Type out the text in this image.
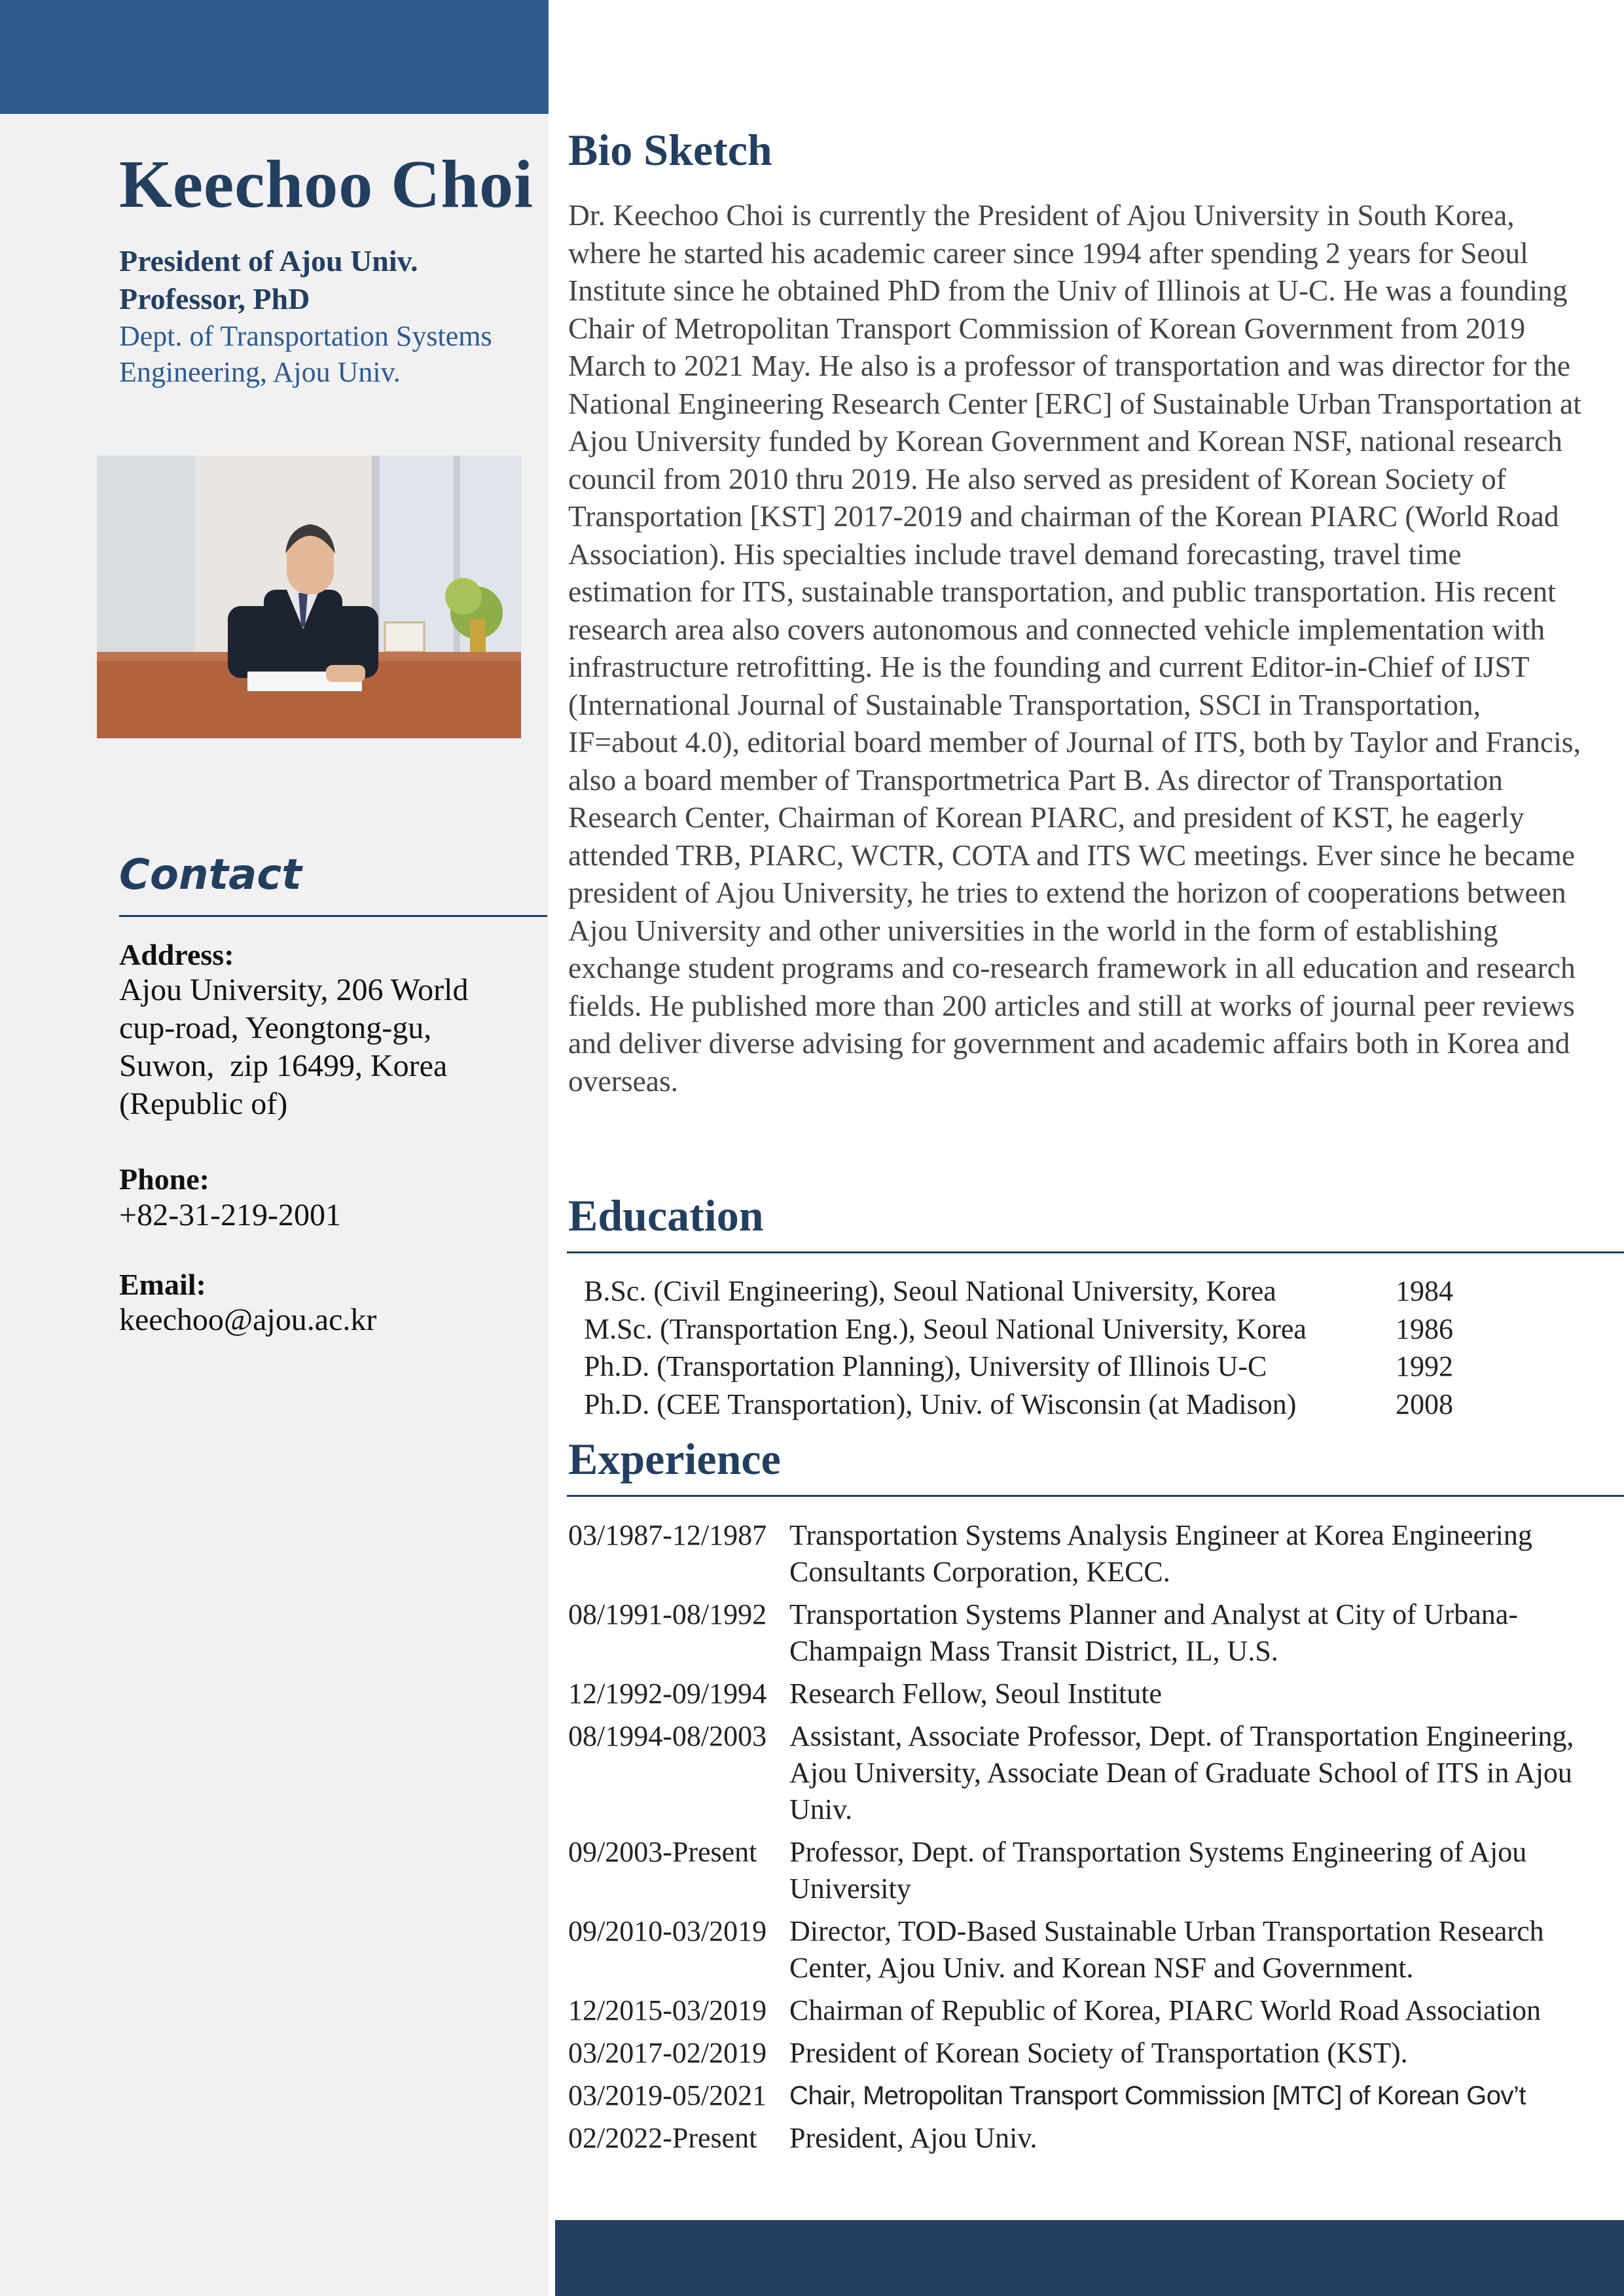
Keechoo Choi
President of Ajou Univ.
Professor, PhD
Dept. of Transportation Systems
Engineering, Ajou Univ.
Contact
Address:
Ajou University, 206 World
cup-road, Yeongtong-gu,
Suwon,  zip 16499, Korea
(Republic of)
Phone:
+82-31-219-2001
Email:
keechoo@ajou.ac.kr
Bio Sketch

Dr. Keechoo Choi is currently the President of Ajou University in South Korea, where he started his academic career since 1994 after spending 2 years for Seoul Institute since he obtained PhD from the Univ of Illinois at U-C. He was a founding Chair of Metropolitan Transport Commission of Korean Government from 2019 March to 2021 May. He also is a professor of transportation and was director for the National Engineering Research Center [ERC] of Sustainable Urban Transportation at Ajou University funded by Korean Government and Korean NSF, national research council from 2010 thru 2019. He also served as president of Korean Society of Transportation [KST] 2017-2019 and chairman of the Korean PIARC (World Road Association). His specialties include travel demand forecasting, travel time estimation for ITS, sustainable transportation, and public transportation. His recent research area also covers autonomous and connected vehicle implementation with infrastructure retrofitting. He is the founding and current Editor-in-Chief of IJST (International Journal of Sustainable Transportation, SSCI in Transportation, IF=about 4.0), editorial board member of Journal of ITS, both by Taylor and Francis, also a board member of Transportmetrica Part B. As director of Transportation Research Center, Chairman of Korean PIARC, and president of KST, he eagerly attended TRB, PIARC, WCTR, COTA and ITS WC meetings. Ever since he became president of Ajou University, he tries to extend the horizon of cooperations between Ajou University and other universities in the world in the form of establishing exchange student programs and co-research framework in all education and research fields. He published more than 200 articles and still at works of journal peer reviews and deliver diverse advising for government and academic affairs both in Korea and overseas.

Education
B.Sc. (Civil Engineering), Seoul National University, Korea	1984
M.Sc. (Transportation Eng.), Seoul National University, Korea	1986
Ph.D. (Transportation Planning), University of Illinois U-C	1992
Ph.D. (CEE Transportation), Univ. of Wisconsin (at Madison)	2008
Experience
03/1987-12/1987 Transportation Systems Analysis Engineer at Korea Engineering Consultants Corporation, KECC.
08/1991-08/1992 Transportation Systems Planner and Analyst at City of Urbana-Champaign Mass Transit District, IL, U.S.
12/1992-09/1994 Research Fellow, Seoul Institute
08/1994-08/2003 Assistant, Associate Professor, Dept. of Transportation Engineering, Ajou University, Associate Dean of Graduate School of ITS in Ajou Univ.
09/2003-Present	Professor, Dept. of Transportation Systems Engineering of Ajou University
09/2010-03/2019 Director, TOD-Based Sustainable Urban Transportation Research Center, Ajou Univ. and Korean NSF and Government.
12/2015-03/2019 Chairman of Republic of Korea, PIARC World Road Association
03/2017-02/2019 President of Korean Society of Transportation (KST).
03/2019-05/2021 Chair, Metropolitan Transport Commission [MTC] of Korean Gov’t
02/2022-Present	President, Ajou Univ.
